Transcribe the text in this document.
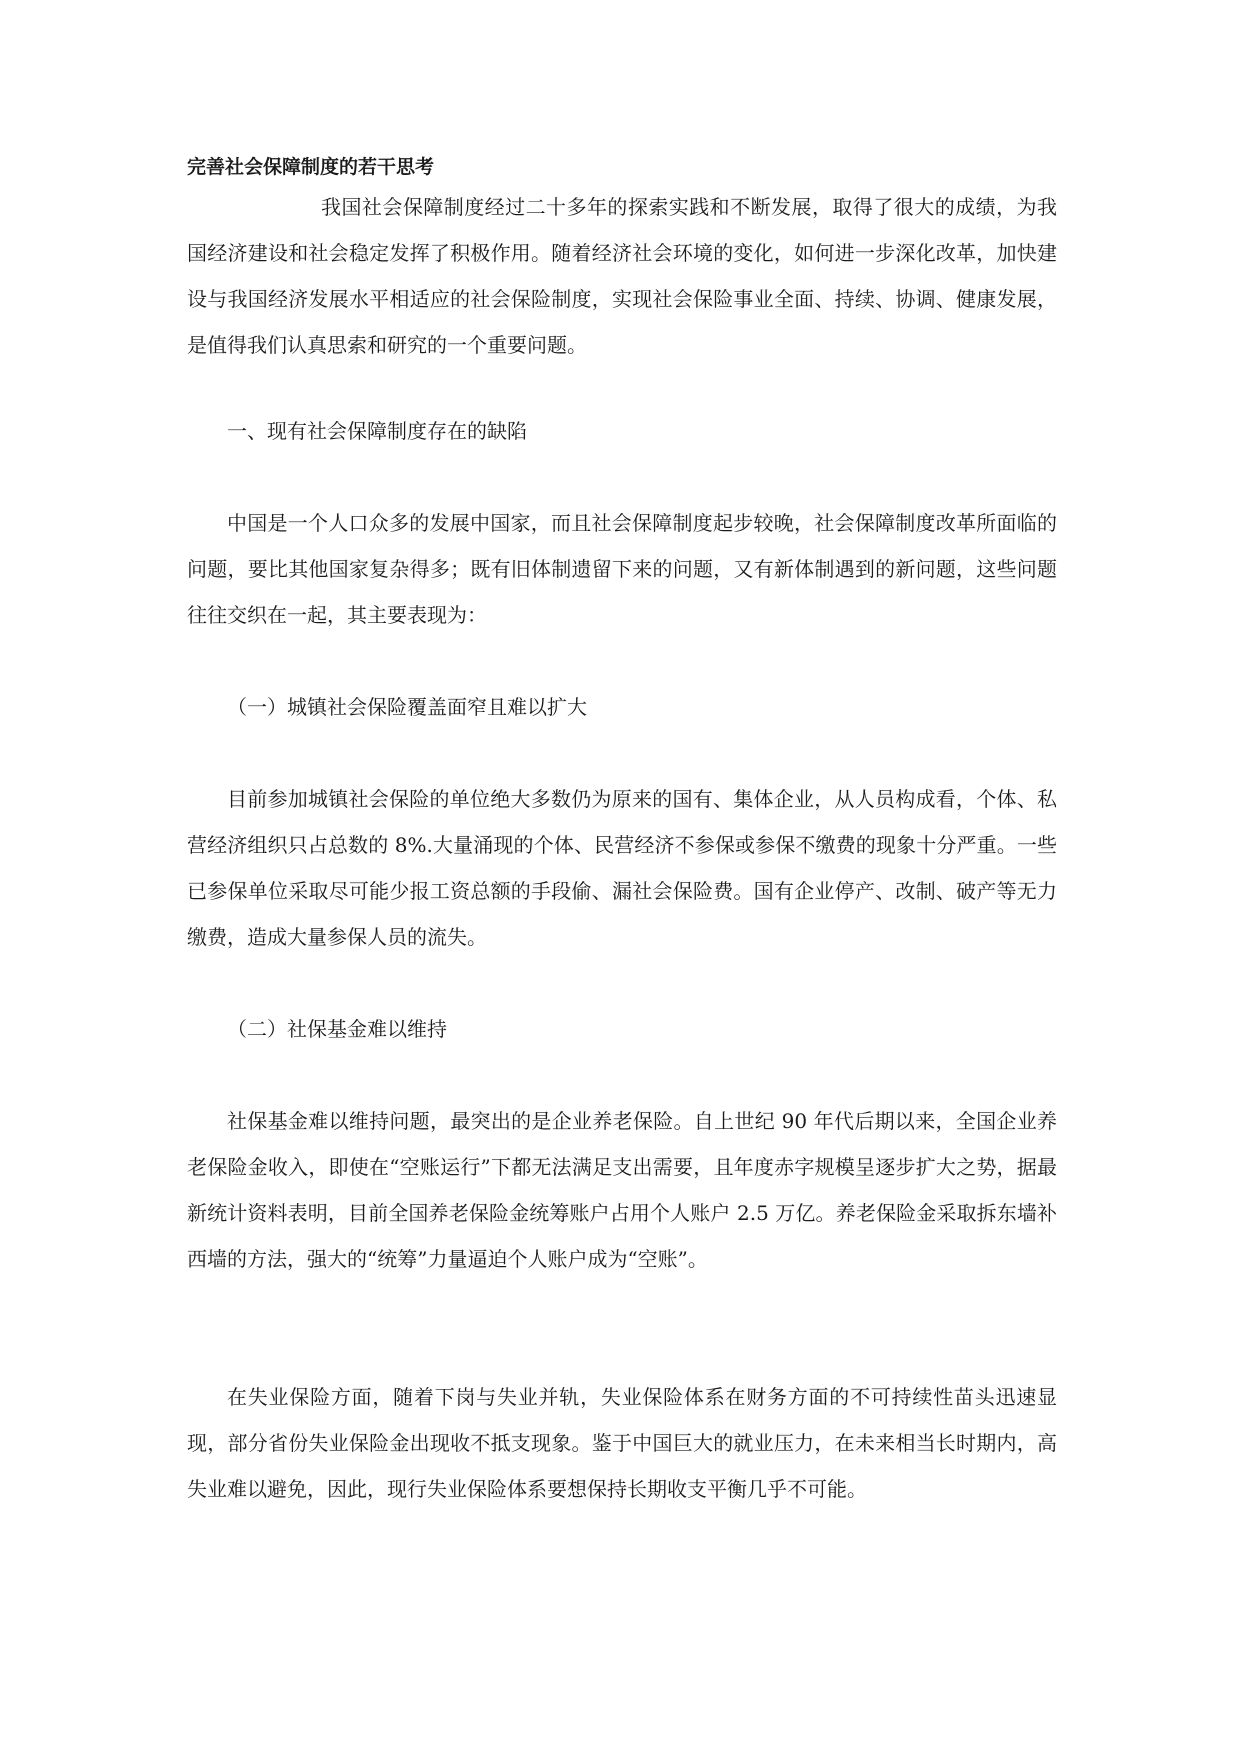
完善社会保障制度的若干思考

我国社会保障制度经过二十多年的探索实践和不断发展，取得了很大的成绩，为我国经济建设和社会稳定发挥了积极作用。随着经济社会环境的变化，如何进一步深化改革，加快建设与我国经济发展水平相适应的社会保险制度，实现社会保险事业全面、持续、协调、健康发展，是值得我们认真思索和研究的一个重要问题。

一、现有社会保障制度存在的缺陷

中国是一个人口众多的发展中国家，而且社会保障制度起步较晚，社会保障制度改革所面临的问题，要比其他国家复杂得多；既有旧体制遗留下来的问题，又有新体制遇到的新问题，这些问题往往交织在一起，其主要表现为：

（一）城镇社会保险覆盖面窄且难以扩大

目前参加城镇社会保险的单位绝大多数仍为原来的国有、集体企业，从人员构成看，个体、私营经济组织只占总数的 8%.大量涌现的个体、民营经济不参保或参保不缴费的现象十分严重。一些已参保单位采取尽可能少报工资总额的手段偷、漏社会保险费。国有企业停产、改制、破产等无力缴费，造成大量参保人员的流失。

（二）社保基金难以维持

社保基金难以维持问题，最突出的是企业养老保险。自上世纪 90 年代后期以来，全国企业养老保险金收入，即使在“空账运行”下都无法满足支出需要，且年度赤字规模呈逐步扩大之势，据最新统计资料表明，目前全国养老保险金统筹账户占用个人账户 2.5 万亿。养老保险金采取拆东墙补西墙的方法，强大的“统筹”力量逼迫个人账户成为“空账”。

在失业保险方面，随着下岗与失业并轨，失业保险体系在财务方面的不可持续性苗头迅速显现，部分省份失业保险金出现收不抵支现象。鉴于中国巨大的就业压力，在未来相当长时期内，高失业难以避免，因此，现行失业保险体系要想保持长期收支平衡几乎不可能。
